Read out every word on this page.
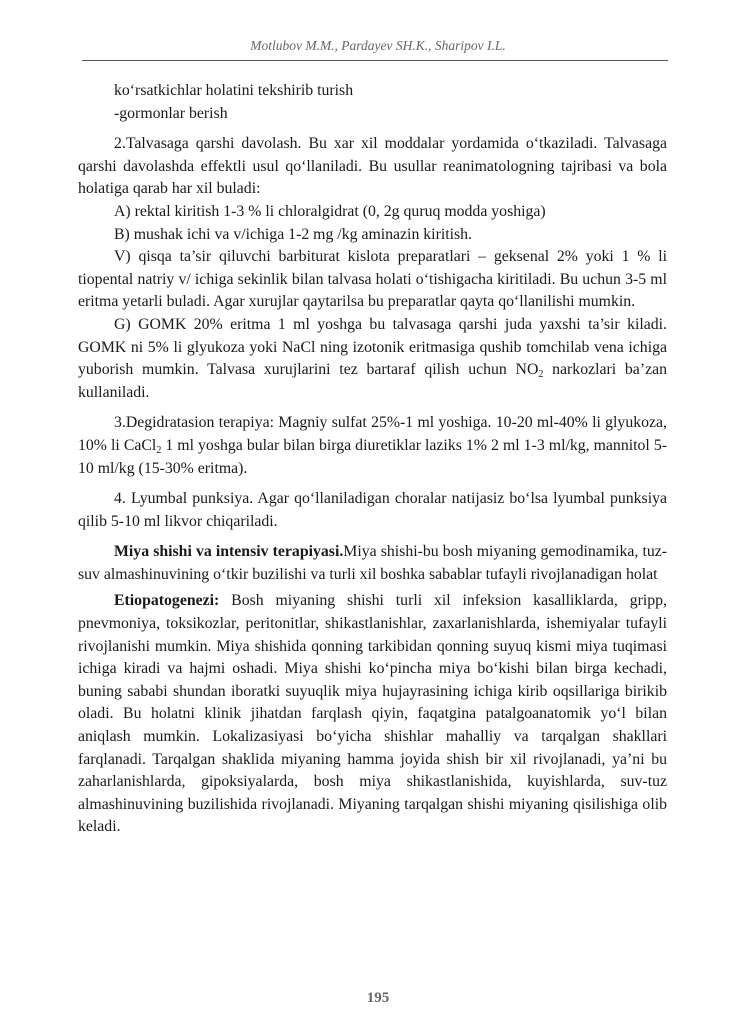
Motlubov M.M., Pardayev SH.K., Sharipov I.L.

ko‘rsatkichlar holatini tekshirib turish

-gormonlar berish

2.Talvasaga qarshi davolash. Bu xar xil moddalar yordamida o‘tkaziladi. Talvasaga qarshi davolashda effektli usul qo‘llaniladi. Bu usullar reanimatologning tajribasi va bola holatiga qarab har xil buladi:

A) rektal kiritish 1-3 % li chloralgidrat (0, 2g quruq modda yoshiga)

B) mushak ichi va v/ichiga 1-2 mg /kg aminazin kiritish.

V) qisqa ta’sir qiluvchi barbiturat kislota preparatlari – geksenal 2% yoki 1 % li tiopental natriy v/ ichiga sekinlik bilan talvasa holati o‘tishigacha kiritiladi. Bu uchun 3-5 ml eritma yetarli buladi. Agar xurujlar qaytarilsa bu preparatlar qayta qo‘llanilishi mumkin.

G) GOMK 20% eritma 1 ml yoshga bu talvasaga qarshi juda yaxshi ta’sir kiladi. GOMK ni 5% li glyukoza yoki NaCl ning izotonik eritmasiga qushib tomchilab vena ichiga yuborish mumkin. Talvasa xurujlarini tez bartaraf qilish uchun $NO_2$ narkozlari ba’zan kullaniladi.

3.Degidratasion terapiya: Magniy sulfat 25%-1 ml yoshiga. 10-20 ml-40% li glyukoza, 10% li CaCl$_2$ 1 ml yoshga bular bilan birga diuretiklar laziks 1% 2 ml 1-3 ml/kg, mannitol 5-10 ml/kg (15-30% eritma).

4. Lyumbal punksiya. Agar qo‘llaniladigan choralar natijasiz bo‘lsa lyumbal punksiya qilib 5-10 ml likvor chiqariladi.

Miya shishi va intensiv terapiyasi.Miya shishi-bu bosh miyaning gemodinamika, tuz-suv almashinuvining o‘tkir buzilishi va turli xil boshka sabablar tufayli rivojlanadigan holat

Etiopatogenezi: Bosh miyaning shishi turli xil infeksion kasalliklarda, gripp, pnevmoniya, toksikozlar, peritonitlar, shikastlanishlar, zaxarlanishlarda, ishemiyalar tufayli rivojlanishi mumkin. Miya shishida qonning tarkibidan qonning suyuq kismi miya tuqimasi ichiga kiradi va hajmi oshadi. Miya shishi ko‘pincha miya bo‘kishi bilan birga kechadi, buning sababi shundan iboratki suyuqlik miya hujayrasining ichiga kirib oqsillariga birikib oladi. Bu holatni klinik jihatdan farqlash qiyin, faqatgina patalgoanatomik yo‘l bilan aniqlash mumkin. Lokalizasiyasi bo‘yicha shishlar mahalliy va tarqalgan shakllari farqlanadi. Tarqalgan shaklida miyaning hamma joyida shish bir xil rivojlanadi, ya’ni bu zaharlanishlarda, gipoksiyalarda, bosh miya shikastlanishida, kuyishlarda, suv-tuz almashinuvining buzilishida rivojlanadi. Miyaning tarqalgan shishi miyaning qisilishiga olib keladi.

195
